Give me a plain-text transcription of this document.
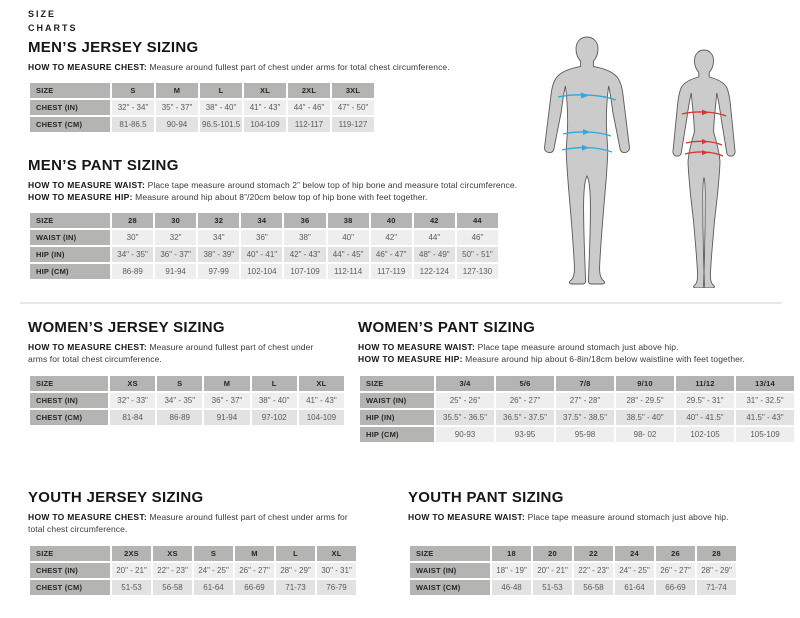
SIZE
CHARTS
MEN’S JERSEY SIZING

HOW TO MEASURE CHEST: Measure around fullest part of chest under arms for total chest circumference.

SIZE	S	M	L	XL	2XL	3XL
CHEST (IN)	32" - 34"	35" - 37"	38" - 40"	41" - 43"	44" - 46"	47" - 50"
CHEST (CM)	81-86.5	90-94	96.5-101.5	104-109	112-117	119-127
MEN’S PANT SIZING

HOW TO MEASURE WAIST: Place tape measure around stomach 2” below top of hip bone and measure total circumference.

HOW TO MEASURE HIP: Measure around hip about 8”/20cm below top of hip bone with feet together.

SIZE	28	30	32	34	36	38	40	42	44
WAIST (IN)	30"	32"	34"	36"	38"	40"	42"	44"	46"
HIP (IN)	34" - 35"	36" - 37"	38" - 39"	40" - 41"	42" - 43"	44" - 45"	46" - 47"	48" - 49"	50" - 51"
HIP (CM)	86-89	91-94	97-99	102-104	107-109	112-114	117-119	122-124	127-130
WOMEN’S JERSEY SIZING

HOW TO MEASURE CHEST: Measure around fullest part of chest under arms for total chest circumference.

SIZE	XS	S	M	L	XL
CHEST (IN)	32" - 33"	34" - 35"	36" - 37"	38" - 40"	41" - 43"
CHEST (CM)	81-84	86-89	91-94	97-102	104-109
WOMEN’S PANT SIZING

HOW TO MEASURE WAIST: Place tape measure around stomach just above hip.

HOW TO MEASURE HIP: Measure around hip about 6-8in/18cm below waistline with feet together.

SIZE	3/4	5/6	7/8	9/10	11/12	13/14
WAIST (IN)	25" - 26"	26" - 27"	27" - 28"	28" - 29.5"	29.5" - 31"	31" - 32.5"
HIP (IN)	35.5" - 36.5"	36.5" - 37.5"	37.5" - 38.5"	38.5" - 40"	40" - 41.5"	41.5" - 43"
HIP (CM)	90-93	93-95	95-98	98- 02	102-105	105-109
YOUTH JERSEY SIZING

HOW TO MEASURE CHEST: Measure around fullest part of chest under arms for total chest circumference.

SIZE	2XS	XS	S	M	L	XL
CHEST (IN)	20" - 21"	22" - 23"	24" - 25"	26" - 27"	28" - 29"	30" - 31"
CHEST (CM)	51-53	56-58	61-64	66-69	71-73	76-79
YOUTH PANT SIZING

HOW TO MEASURE WAIST: Place tape measure around stomach just above hip.

SIZE	18	20	22	24	26	28
WAIST (IN)	18" - 19"	20" - 21"	22" - 23"	24" - 25"	26" - 27"	28" - 29"
WAIST (CM)	46-48	51-53	56-58	61-64	66-69	71-74
